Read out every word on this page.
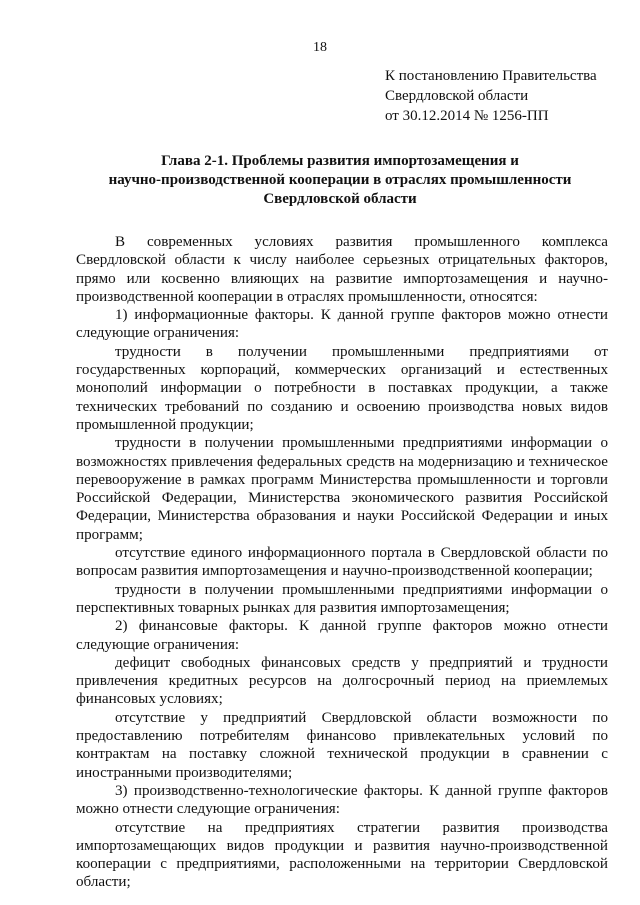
18
К постановлению Правительства
Свердловской области
от 30.12.2014 № 1256-ПП
Глава 2-1. Проблемы развития импортозамещения и
научно-производственной кооперации в отраслях промышленности
Свердловской области

В современных условиях развития промышленного комплекса Свердловской области к числу наиболее серьезных отрицательных факторов, прямо или косвенно влияющих на развитие импортозамещения и научно-производственной кооперации в отраслях промышленности, относятся:

1) информационные факторы. К данной группе факторов можно отнести следующие ограничения:

трудности в получении промышленными предприятиями от государственных корпораций, коммерческих организаций и естественных монополий информации о потребности в поставках продукции, а также технических требований по созданию и освоению производства новых видов промышленной продукции;

трудности в получении промышленными предприятиями информации о возможностях привлечения федеральных средств на модернизацию и техническое перевооружение в рамках программ Министерства промышленности и торговли Российской Федерации, Министерства экономического развития Российской Федерации, Министерства образования и науки Российской Федерации и иных программ;

отсутствие единого информационного портала в Свердловской области по вопросам развития импортозамещения и научно-производственной кооперации;

трудности в получении промышленными предприятиями информации о перспективных товарных рынках для развития импортозамещения;

2) финансовые факторы. К данной группе факторов можно отнести следующие ограничения:

дефицит свободных финансовых средств у предприятий и трудности привлечения кредитных ресурсов на долгосрочный период на приемлемых финансовых условиях;

отсутствие у предприятий Свердловской области возможности по предоставлению потребителям финансово привлекательных условий по контрактам на поставку сложной технической продукции в сравнении с иностранными производителями;

3) производственно-технологические факторы. К данной группе факторов можно отнести следующие ограничения:

отсутствие на предприятиях стратегии развития производства импортозамещающих видов продукции и развития научно-производственной кооперации с предприятиями, расположенными на территории Свердловской области;
